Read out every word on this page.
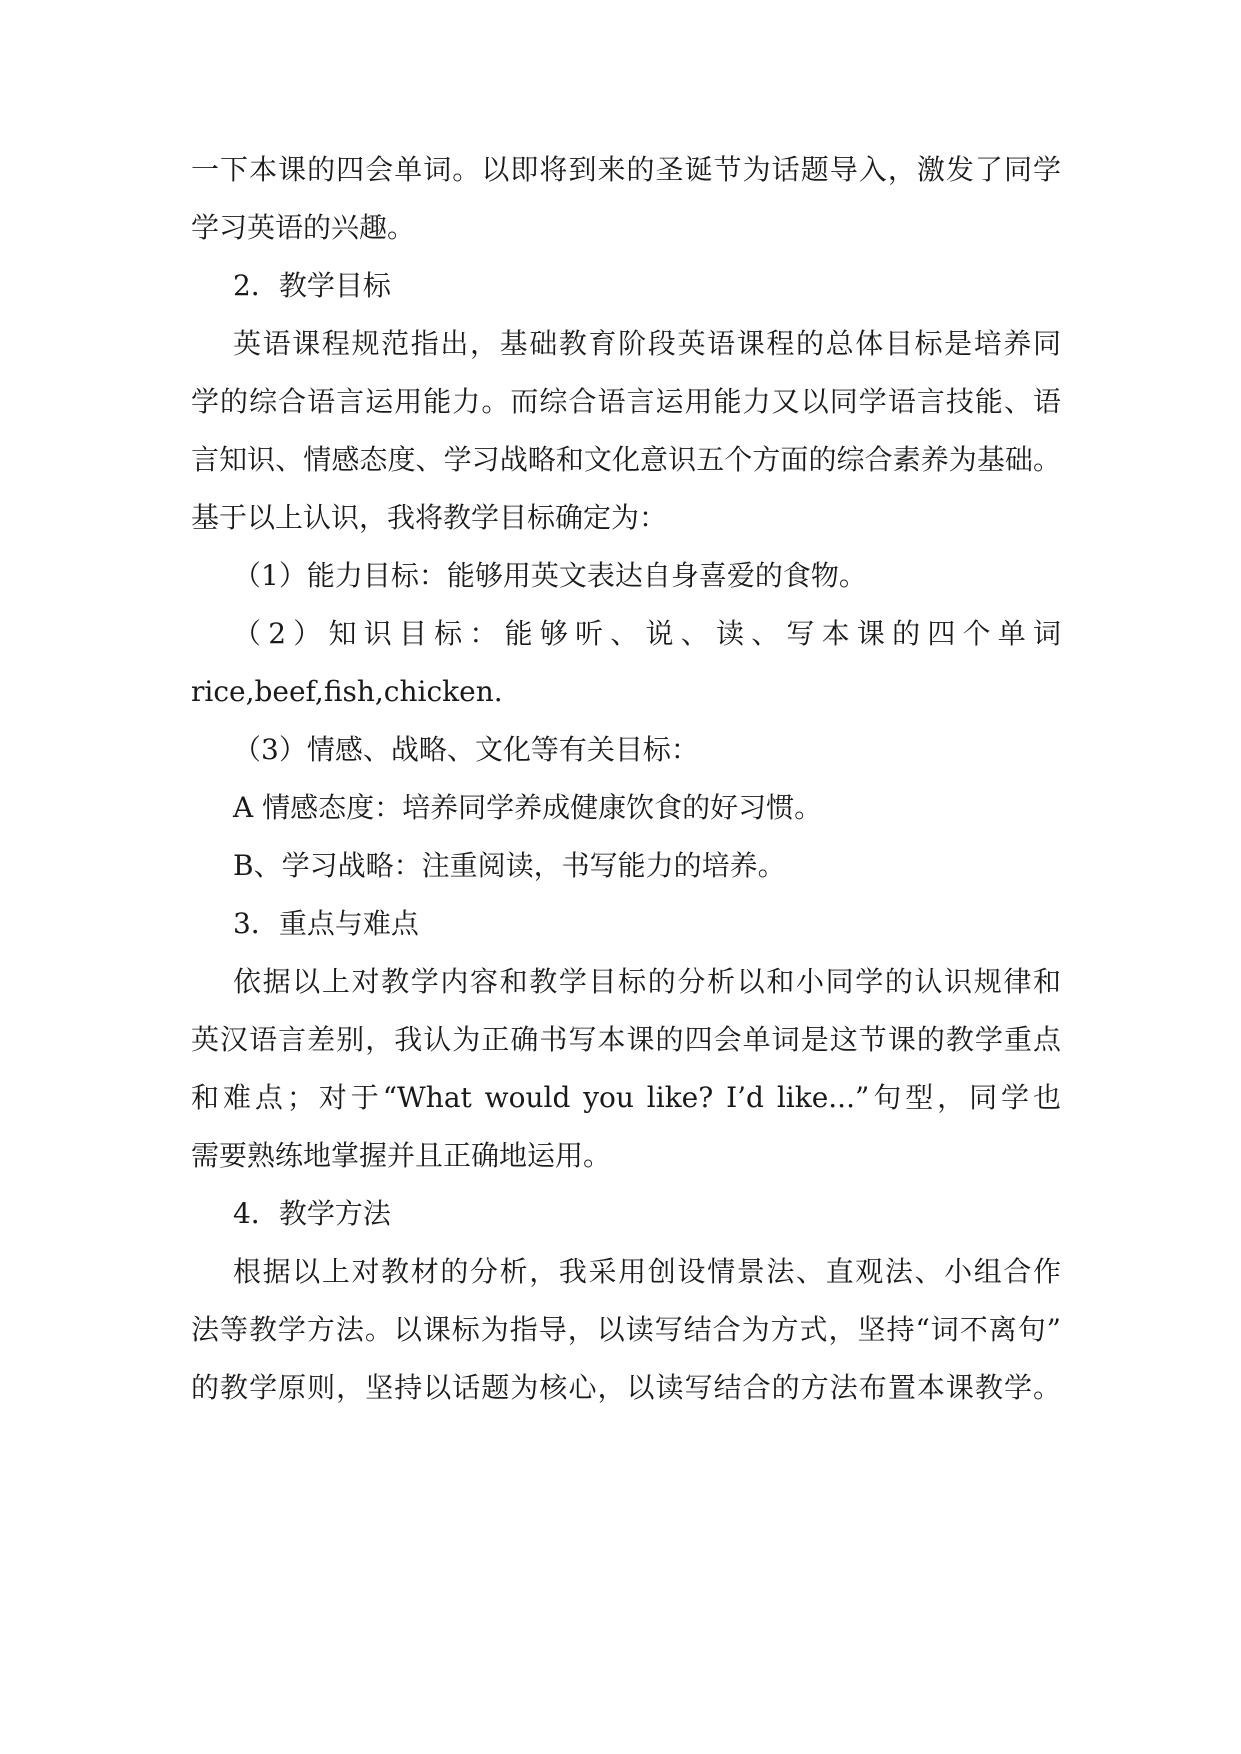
一下本课的四会单词。以即将到来的圣诞节为话题导入，激发了同学
学习英语的兴趣。
2．教学目标
英语课程规范指出，基础教育阶段英语课程的总体目标是培养同
学的综合语言运用能力。而综合语言运用能力又以同学语言技能、语
言知识、情感态度、学习战略和文化意识五个方面的综合素养为基础。
基于以上认识，我将教学目标确定为：
（1）能力目标：能够用英文表达自身喜爱的食物。
（2）知识目标：能够听、说、读、写本课的四个单词
rice,beef,fish,chicken.
（3）情感、战略、文化等有关目标：
A 情感态度：培养同学养成健康饮食的好习惯。
B、学习战略：注重阅读，书写能力的培养。
3．重点与难点
依据以上对教学内容和教学目标的分析以和小同学的认识规律和
英汉语言差别，我认为正确书写本课的四会单词是这节课的教学重点
和难点；对于“What would you like? I’d like...”句型，同学也
需要熟练地掌握并且正确地运用。
4．教学方法
根据以上对教材的分析，我采用创设情景法、直观法、小组合作
法等教学方法。以课标为指导，以读写结合为方式，坚持“词不离句”
的教学原则，坚持以话题为核心，以读写结合的方法布置本课教学。
